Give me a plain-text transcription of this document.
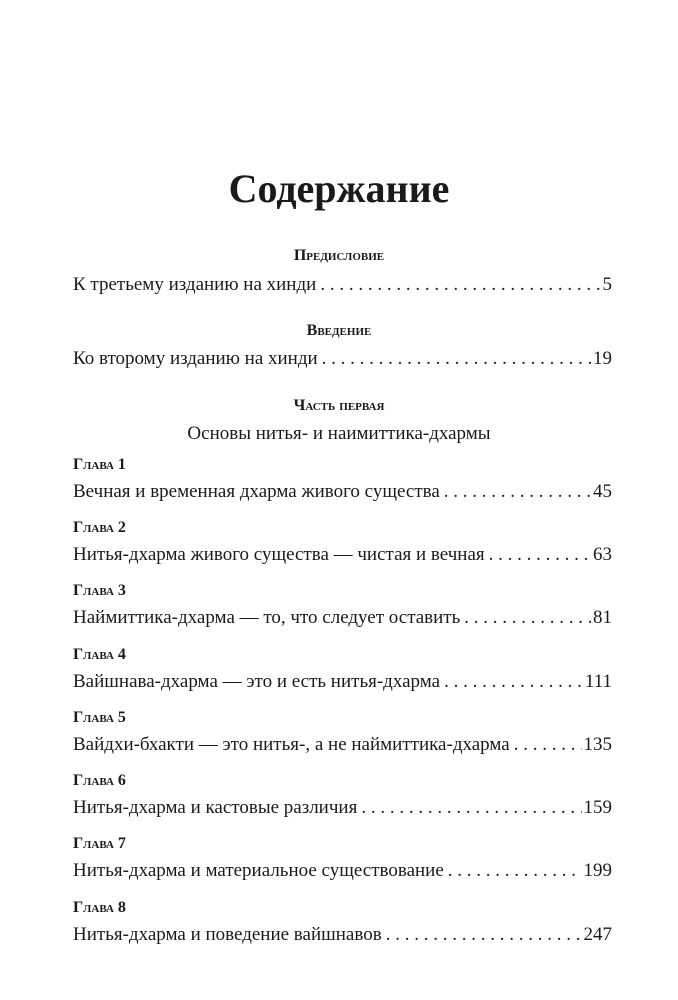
Содержание
Предисловие
К третьему изданию на хинди . . .	5
Введение
Ко второму изданию на хинди . . .	19
Часть первая
Основы нитья- и наимиттика-дхармы
Глава 1
Вечная и временная дхарма живого существа . . .	45
Глава 2
Нитья-дхарма живого существа — чистая и вечная . . .	63
Глава 3
Наймиттика-дхарма — то, что следует оставить . . .	81
Глава 4
Вайшнава-дхарма — это и есть нитья-дхарма . . .	111
Глава 5
Вайдхи-бхакти — это нитья-, а не наймиттика-дхарма . . .	135
Глава 6
Нитья-дхарма и кастовые различия . . .	159
Глава 7
Нитья-дхарма и материальное существование . . .	199
Глава 8
Нитья-дхарма и поведение вайшнавов . . .	247
